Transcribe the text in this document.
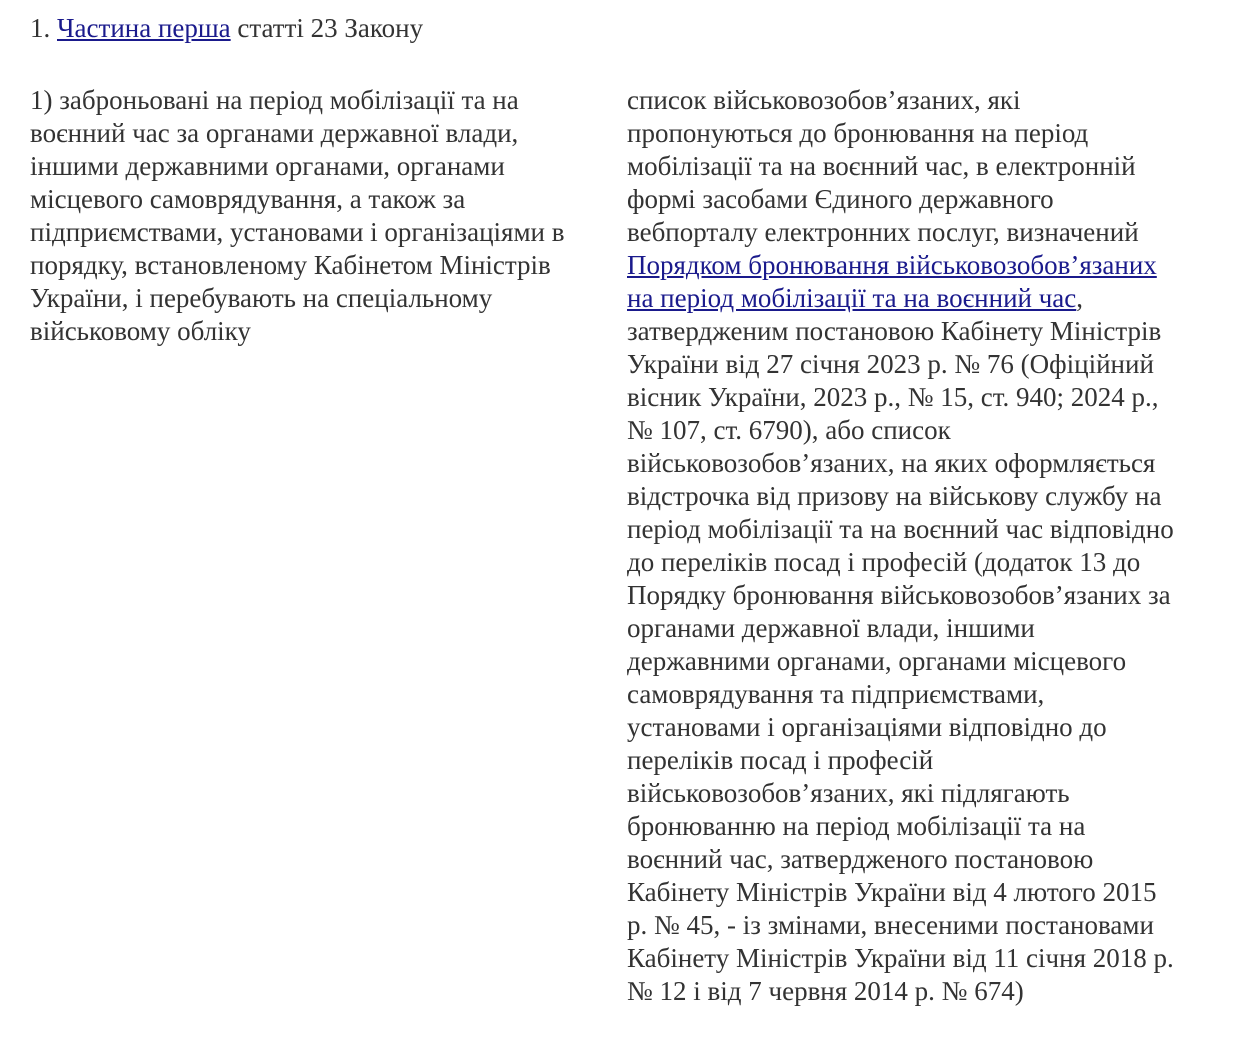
1. Частина перша статті 23 Закону
1) заброньовані на період мобілізації та на
воєнний час за органами державної влади,
іншими державними органами, органами
місцевого самоврядування, а також за
підприємствами, установами і організаціями в
порядку, встановленому Кабінетом Міністрів
України, і перебувають на спеціальному
військовому обліку
список військовозобов’язаних, які
пропонуються до бронювання на період
мобілізації та на воєнний час, в електронній
формі засобами Єдиного державного
вебпорталу електронних послуг, визначений
Порядком бронювання військовозобов’язаних
на період мобілізації та на воєнний час,
затвердженим постановою Кабінету Міністрів
України від 27 січня 2023 р. № 76 (Офіційний
вісник України, 2023 р., № 15, ст. 940; 2024 р.,
№ 107, ст. 6790), або список
військовозобов’язаних, на яких оформляється
відстрочка від призову на військову службу на
період мобілізації та на воєнний час відповідно
до переліків посад і професій (додаток 13 до
Порядку бронювання військовозобов’язаних за
органами державної влади, іншими
державними органами, органами місцевого
самоврядування та підприємствами,
установами і організаціями відповідно до
переліків посад і професій
військовозобов’язаних, які підлягають
бронюванню на період мобілізації та на
воєнний час, затвердженого постановою
Кабінету Міністрів України від 4 лютого 2015
р. № 45, - із змінами, внесеними постановами
Кабінету Міністрів України від 11 січня 2018 р.
№ 12 і від 7 червня 2014 р. № 674)
